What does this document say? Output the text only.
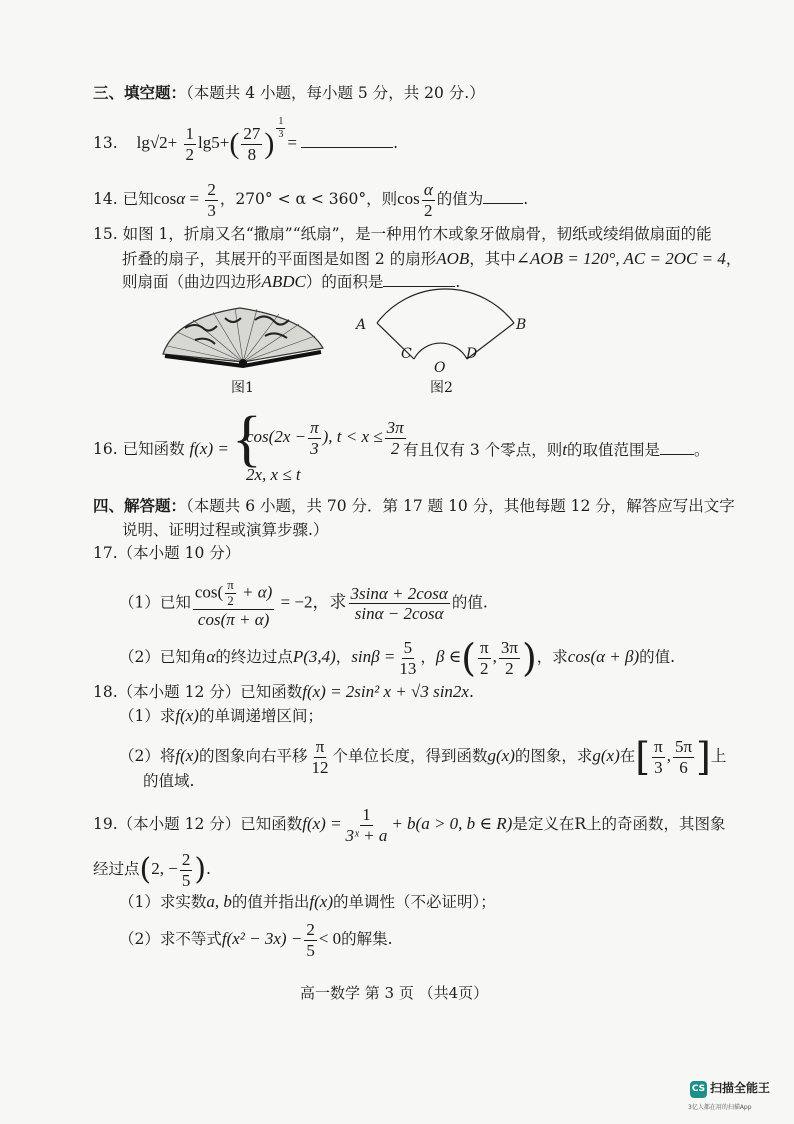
三、填空题：（本题共 4 小题，每小题 5 分，共 20 分.）
13. $\lg√2+ \frac{1}{2} \lg 5+( \frac{27}{8}$ ) $\frac{1}{3}$
=	.
14. 已知$\cos\alpha = \frac{2}{3}$ ，270° < α < 360°，则$\cos \frac{\alpha}{2}$ 的值为	.
15. 如图 1，折扇又名“撒扇”“纸扇”，是一种用竹木或象牙做扇骨，韧纸或绫绢做扇面的能
折叠的扇子，其展开的平面图是如图 2 的扇形AOB，其中∠AOB = 120°, AC = 2OC = 4，
则扇面（曲边四边形ABDC）的面积是	.
图1
A	B
C	D
O
图2
16. 已知函数 f(x) = {
$\cos(2x - \frac{\pi}{3}$ ), $t < x \le \frac{3\pi}{2}$
2x, x ≤ t
有且仅有 3 个零点，则t的取值范围是 。
四、解答题：（本题共 6 小题，共 70 分．第 17 题 10 分，其他每题 12 分，解答应写出文字
说明、证明过程或演算步骤.）
17.（本小题 10 分）
（1）已知 $\frac{\cos( \frac{\pi}{2} + \alpha)}{\cos(\pi + \alpha)} = -2$，求 $\frac{3\sin\alpha + 2\cos\alpha}{\sin\alpha - 2\cos\alpha}$ 的值.
（2）已知角α的终边过点P(3,4)，$\sin\beta = \frac{5}{13}$ ，β ∈( $\frac{\pi}{2}$ , $\frac{3\pi}{2}$ )，求cos(α + β)的值.
18.（本小题 12 分）已知函数f(x) = 2sin² x + √3 sin2x.
（1）求f(x)的单调递增区间；
（2）将f(x)的图象向右平移 $\frac{\pi}{12}$ 个单位长度，得到函数g(x)的图象，求g(x)在[ $\frac{\pi}{3}$ , $\frac{5\pi}{6}$ ]上
的值域.
19.（本小题 12 分）已知函数$f(x) = \frac{1}{\text{3ˣ + a}} + b(a > 0$, b ∈ R)是定义在R上的奇函数，其图象
经过点(2, − $\frac{2}{5}$ ).
（1）求实数a, b的值并指出f(x)的单调性（不必证明）；
（2）求不等式$f(x^2 - 3x) - \frac{2}{5} < 0$的解集.
高一数学 第 3 页 （共4页）
CS 扫描全能王
3亿人都在用的扫描App
